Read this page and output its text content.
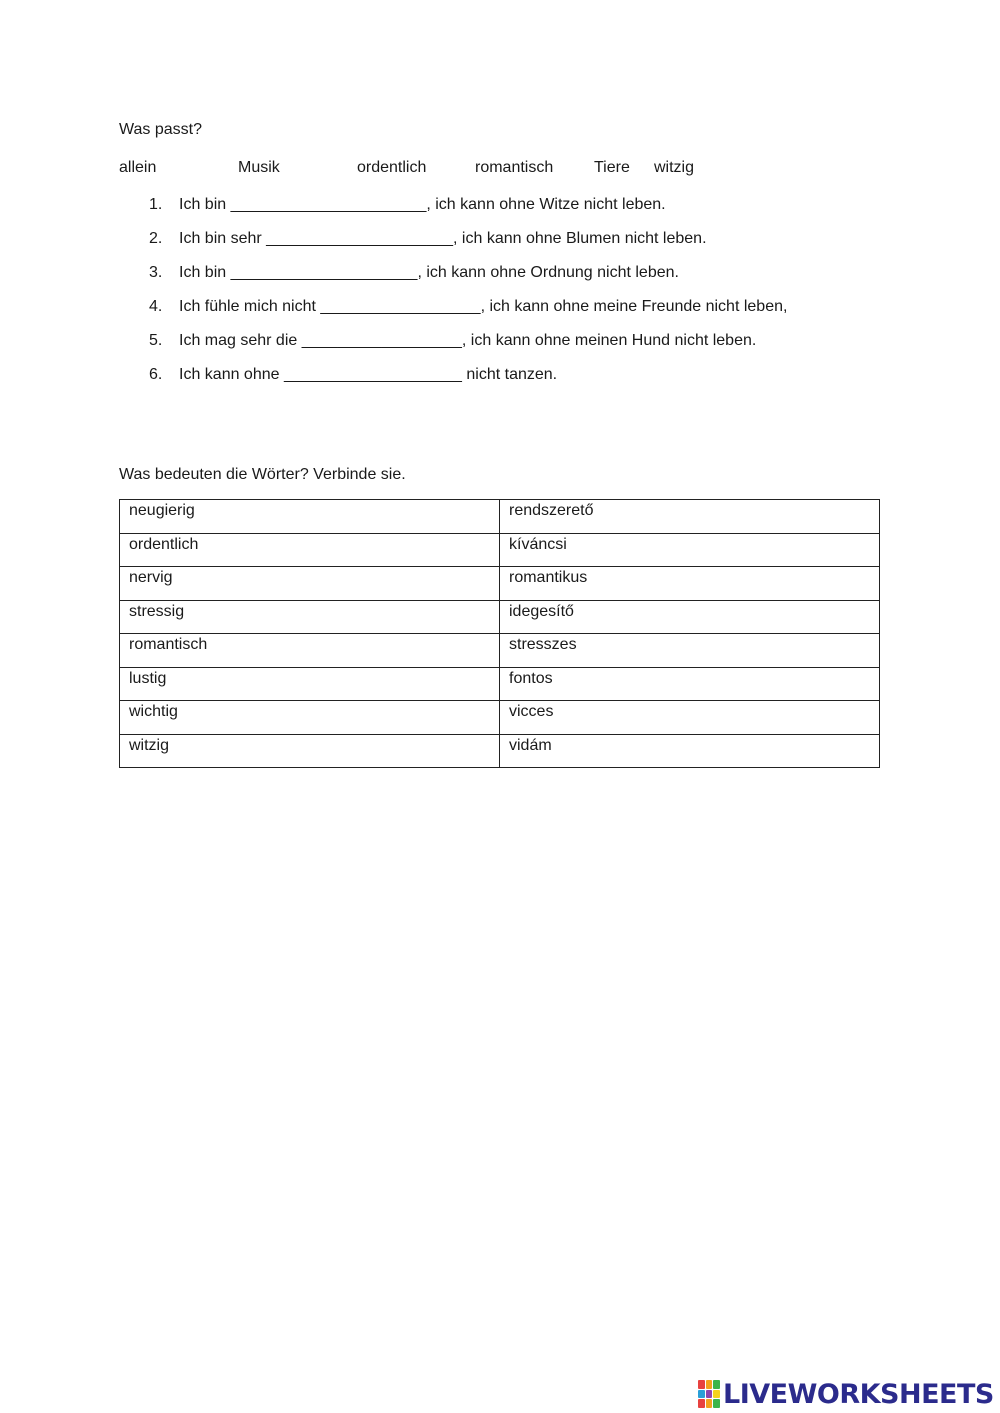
Was passt?
allein	Musik	ordentlich	romantisch	Tiere witzig
1. Ich bin ______________________, ich kann ohne Witze nicht leben.
2. Ich bin sehr _____________________, ich kann ohne Blumen nicht leben.
3. Ich bin _____________________, ich kann ohne Ordnung nicht leben.
4. Ich fühle mich nicht __________________, ich kann ohne meine Freunde nicht leben,
5. Ich mag sehr die __________________, ich kann ohne meinen Hund nicht leben.
6. Ich kann ohne ____________________ nicht tanzen.
Was bedeuten die Wörter? Verbinde sie.
neugierig	rendszerető
ordentlich	kíváncsi
nervig	romantikus
stressig	idegesítő
romantisch	stresszes
lustig	fontos
wichtig	vicces
witzig	vidám
LIVEWORKSHEETS
